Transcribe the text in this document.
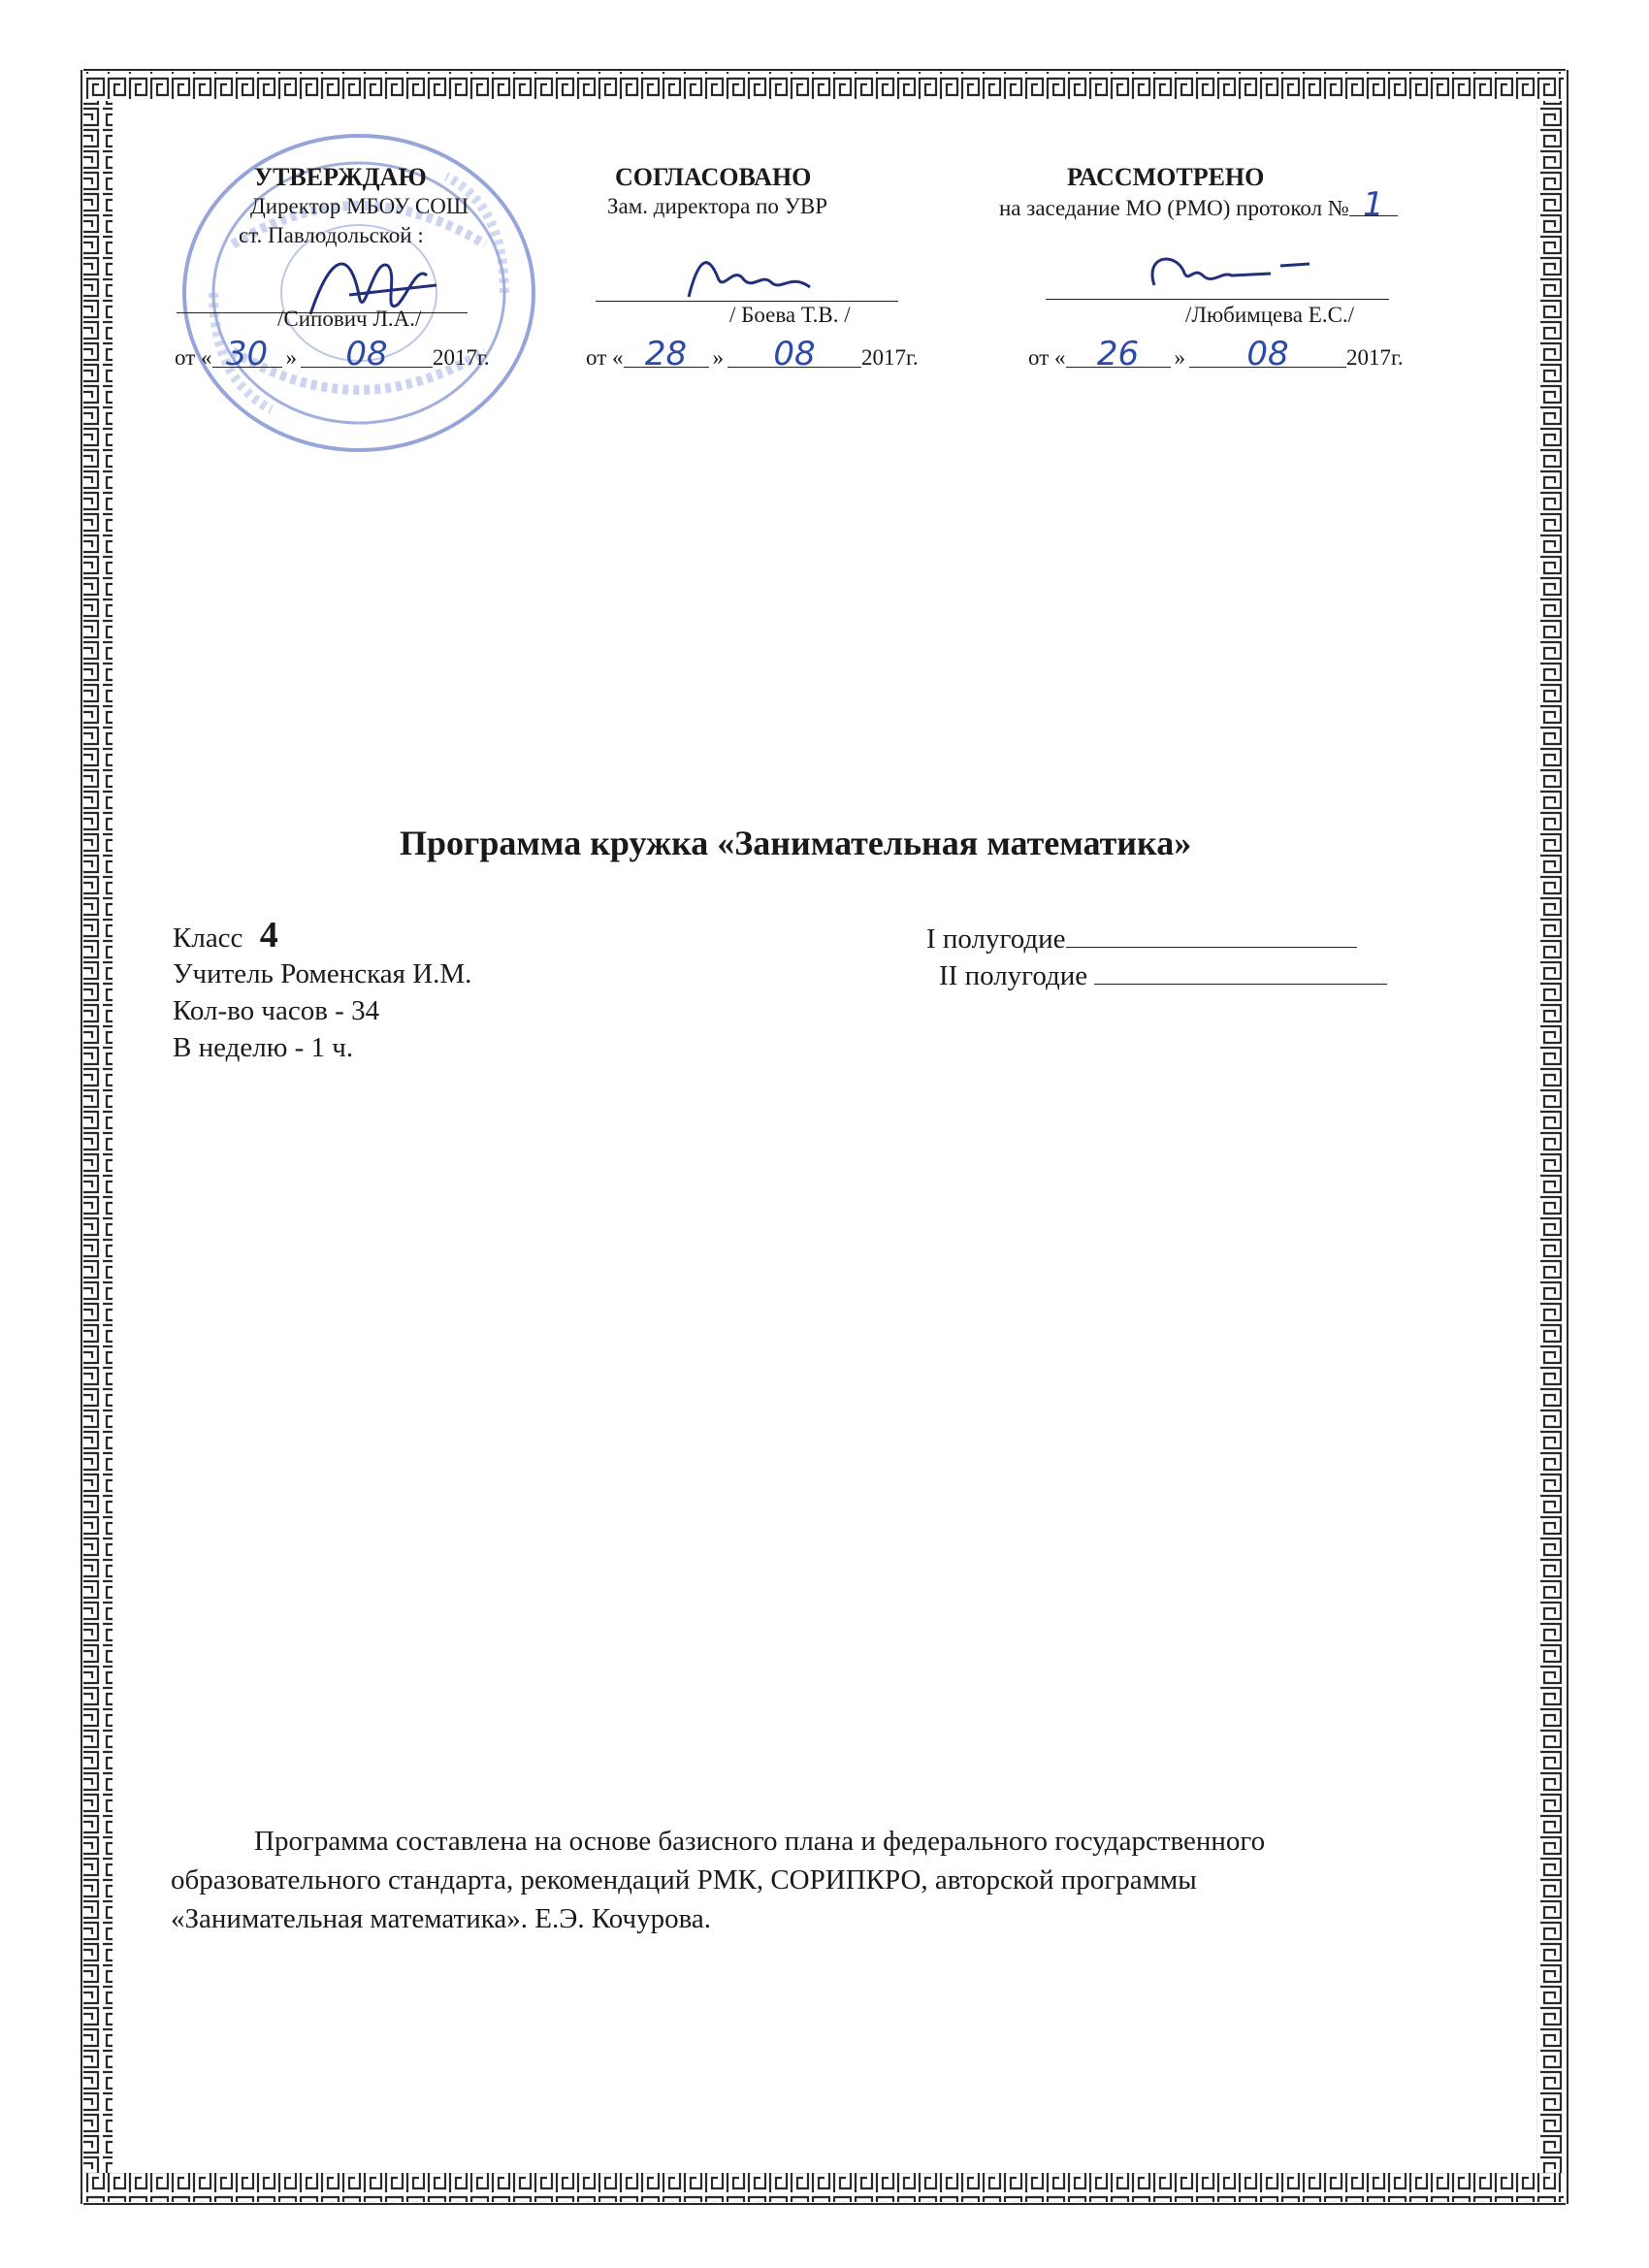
УТВЕРЖДАЮ
Директор МБОУ СОШ
ст. Павлодольской :
/Сипович Л.А./
от « 30 » 08 2017г.
СОГЛАСОВАНО
Зам. директора по УВР
/ Боева Т.В. /
от « 28 » 08 2017г.
РАССМОТРЕНО
на заседание МО (РМО) протокол № 1
/Любимцева Е.С./
от « 26 » 08	2017г.
Программа кружка «Занимательная математика»
Класс 4
Учитель Роменская И.М.
Кол-во часов - 34
В неделю - 1 ч.
I полугодие
II полугодие
Программа составлена на основе базисного плана и федерального государственного
образовательного стандарта, рекомендаций РМК, СОРИПКРО, авторской программы
«Занимательная математика». Е.Э. Кочурова.
